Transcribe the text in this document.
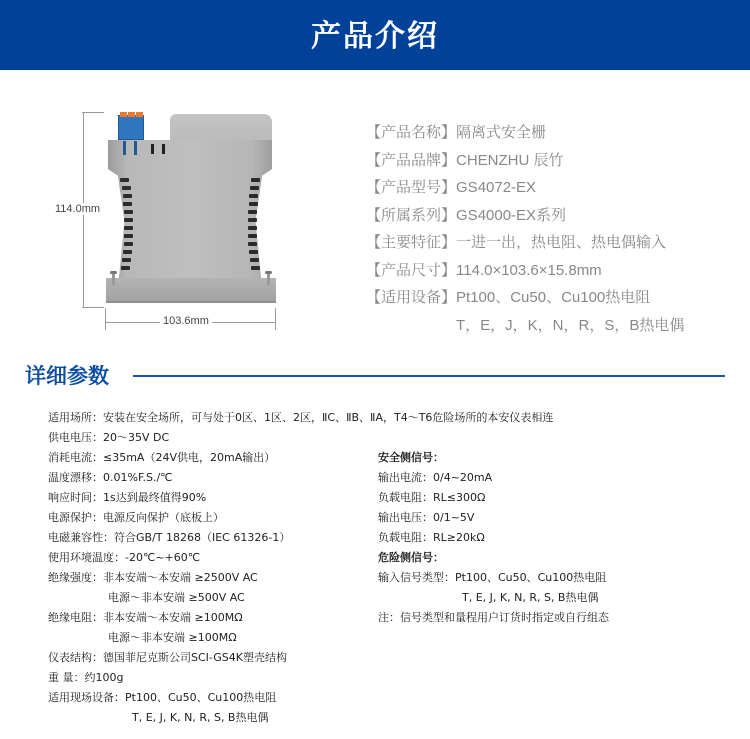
产品介绍
114.0mm
103.6mm
【产品名称】隔离式安全栅
【产品品牌】CHENZHU 辰竹
【产品型号】GS4072-EX
【所属系列】GS4000-EX系列
【主要特征】一进一出，热电阻、热电偶输入
【产品尺寸】114.0×103.6×15.8mm
【适用设备】Pt100、Cu50、Cu100热电阻
T，E，J，K，N，R，S，B热电偶
详细参数
适用场所：安装在安全场所，可与处于0区、1区、2区，ⅡC、ⅡB、ⅡA，T4～T6危险场所的本安仪表相连
供电电压：20～35V DC
消耗电流：≤35mA（24V供电，20mA输出）
温度漂移：0.01%F.S./℃
响应时间：1s达到最终值得90%
电源保护：电源反向保护（底板上）
电磁兼容性：符合GB/T 18268（IEC 61326-1）
使用环境温度：-20℃~+60℃
绝缘强度：非本安端～本安端 ≥2500V AC
电源～非本安端 ≥500V AC
绝缘电阻：非本安端～本安端 ≥100MΩ
电源～非本安端 ≥100MΩ
仪表结构：德国菲尼克斯公司SCI-GS4K塑壳结构
重 量：约100g
适用现场设备：Pt100、Cu50、Cu100热电阻
T, E, J, K, N, R, S, B热电偶
安全侧信号：
输出电流：0/4~20mA
负载电阻：RL≤300Ω
输出电压：0/1~5V
负载电阻：RL≥20kΩ
危险侧信号：
输入信号类型：Pt100、Cu50、Cu100热电阻
T, E, J, K, N, R, S, B热电偶
注：信号类型和量程用户订货时指定或自行组态
